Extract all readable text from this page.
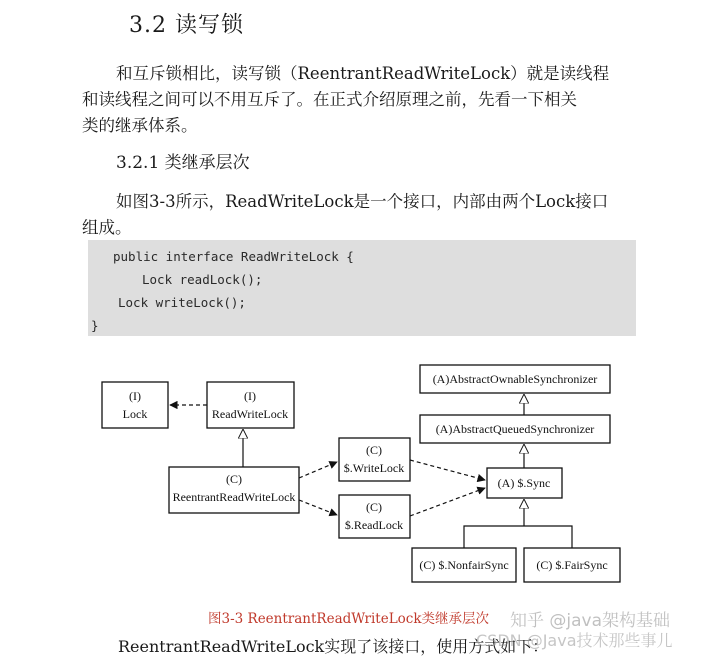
3.2 读写锁
和互斥锁相比，读写锁（ReentrantReadWriteLock）就是读线程
和读线程之间可以不用互斥了。在正式介绍原理之前，先看一下相关
类的继承体系。
3.2.1 类继承层次
如图3-3所示，ReadWriteLock是一个接口，内部由两个Lock接口
组成。
public interface ReadWriteLock {
Lock readLock();
Lock writeLock();
}
(I)
Lock
(I)
ReadWriteLock
(C)
ReentrantReadWriteLock
(C)
$.WriteLock
(C)
$.ReadLock
(A)AbstractOwnableSynchronizer
(A)AbstractQueuedSynchronizer
(A) $.Sync
(C) $.NonfairSync (C) $.FairSync

图3-3 ReentrantReadWriteLock类继承层次

ReentrantReadWriteLock实现了该接口，使用方式如下：

知乎 @java架构基础
CSDN @Java技术那些事儿
